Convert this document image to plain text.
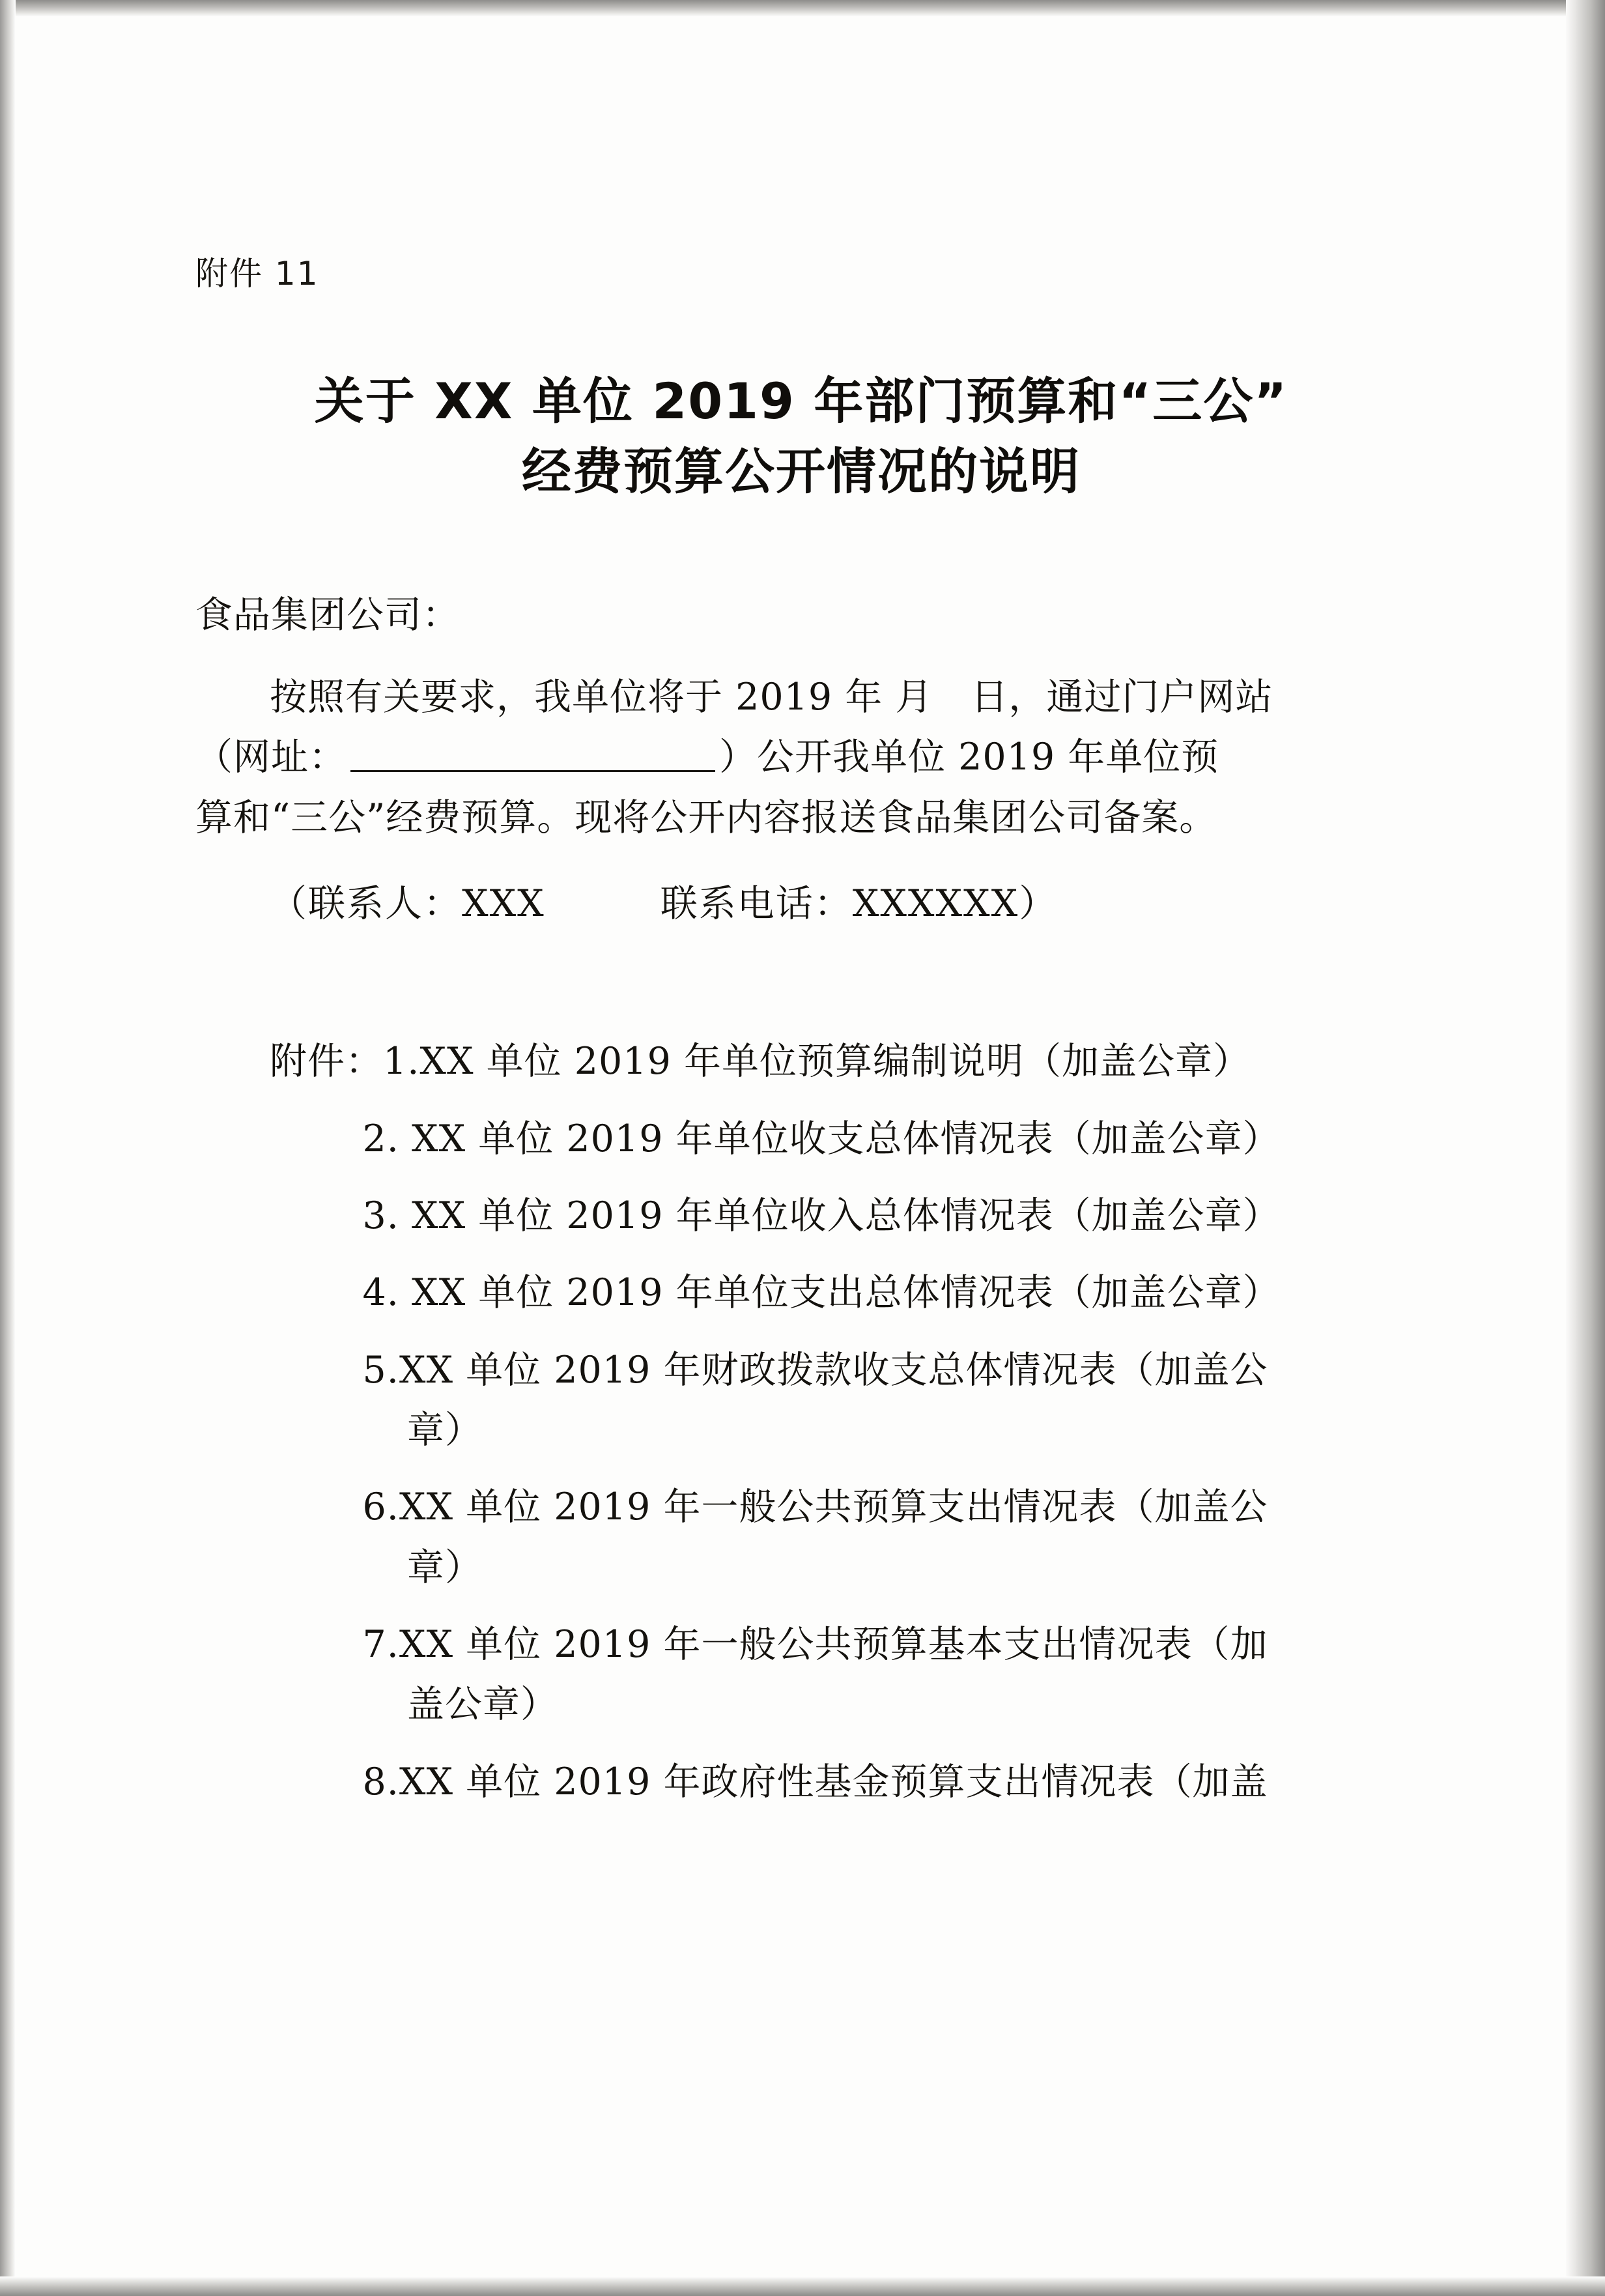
附件 11
关于 XX 单位 2019 年部门预算和“三公”
经费预算公开情况的说明
食品集团公司：
按照有关要求，我单位将于 2019 年 月　日，通过门户网站
（网址：	）公开我单位 2019 年单位预
算和“三公”经费预算。现将公开内容报送食品集团公司备案。
（联系人：XXX　　　联系电话：XXXXXX）
附件：1.XX 单位 2019 年单位预算编制说明（加盖公章）
2. XX 单位 2019 年单位收支总体情况表（加盖公章）
3. XX 单位 2019 年单位收入总体情况表（加盖公章）
4. XX 单位 2019 年单位支出总体情况表（加盖公章）
5.XX 单位 2019 年财政拨款收支总体情况表（加盖公
章）
6.XX 单位 2019 年一般公共预算支出情况表（加盖公
章）
7.XX 单位 2019 年一般公共预算基本支出情况表（加
盖公章）
8.XX 单位 2019 年政府性基金预算支出情况表（加盖
